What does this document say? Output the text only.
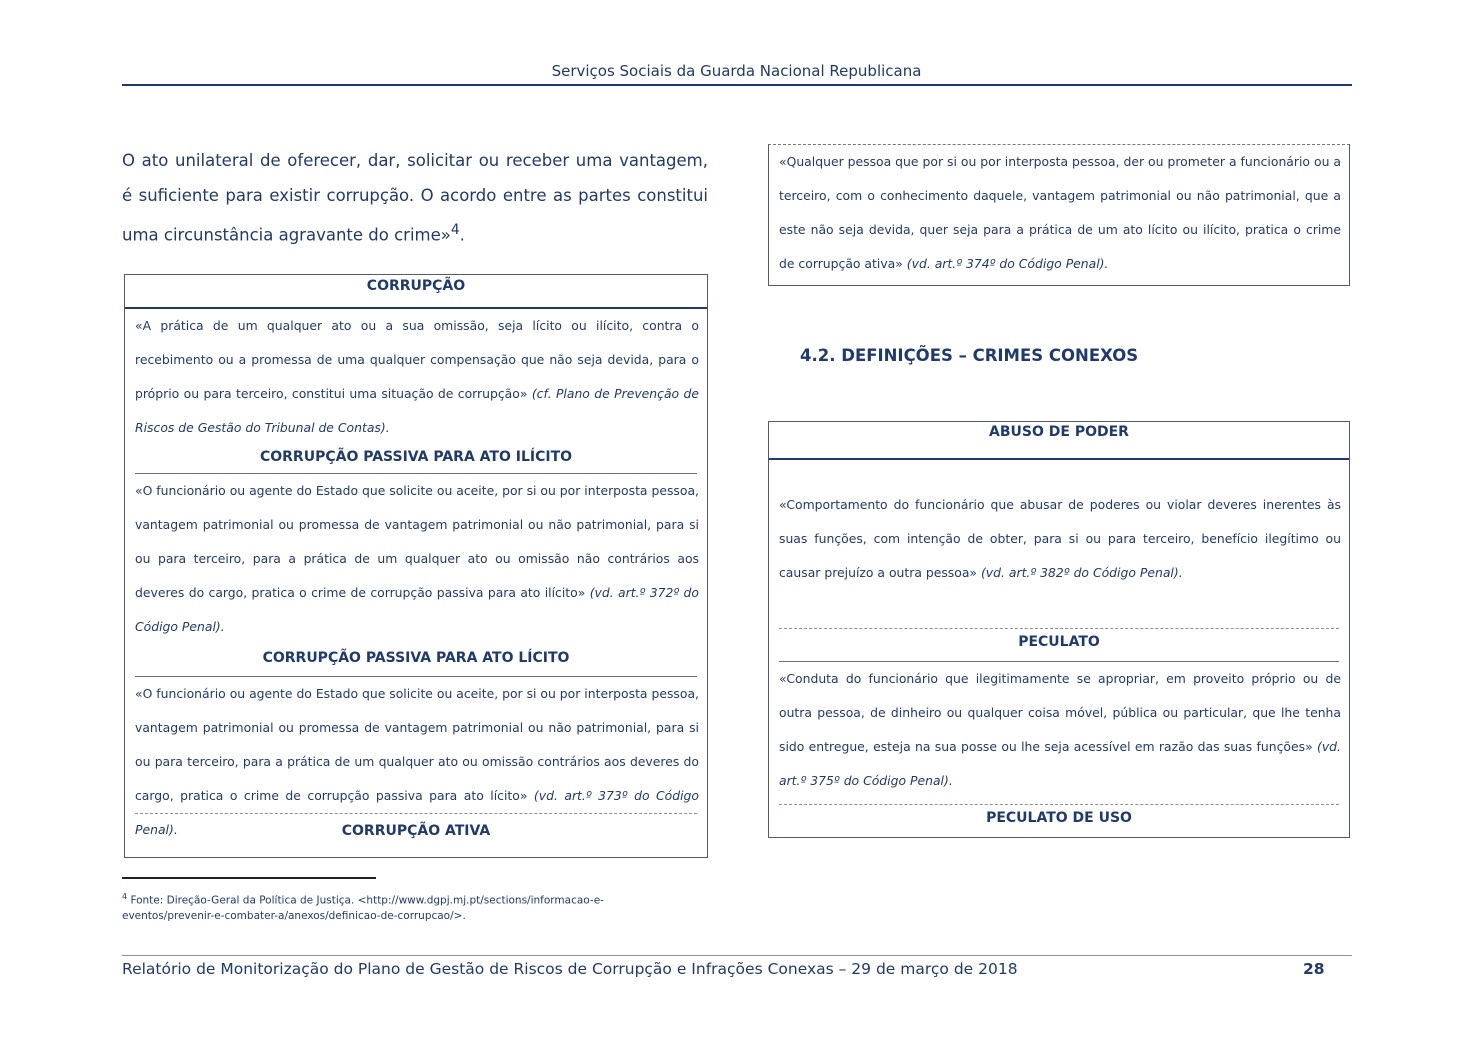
Serviços Sociais da Guarda Nacional Republicana
O ato unilateral de oferecer, dar, solicitar ou receber uma vantagem, é suficiente para existir corrupção. O acordo entre as partes constitui uma circunstância agravante do crime»$^4$.
CORRUPÇÃO
«A prática de um qualquer ato ou a sua omissão, seja lícito ou ilícito, contra o recebimento ou a promessa de uma qualquer compensação que não seja devida, para o próprio ou para terceiro, constitui uma situação de corrupção» (cf. Plano de Prevenção de Riscos de Gestão do Tribunal de Contas).
CORRUPÇÃO PASSIVA PARA ATO ILÍCITO
«O funcionário ou agente do Estado que solicite ou aceite, por si ou por interposta pessoa, vantagem patrimonial ou promessa de vantagem patrimonial ou não patrimonial, para si ou para terceiro, para a prática de um qualquer ato ou omissão não contrários aos deveres do cargo, pratica o crime de corrupção passiva para ato ilícito» (vd. art.º 372º do Código Penal).
CORRUPÇÃO PASSIVA PARA ATO LÍCITO
«O funcionário ou agente do Estado que solicite ou aceite, por si ou por interposta pessoa, vantagem patrimonial ou promessa de vantagem patrimonial ou não patrimonial, para si ou para terceiro, para a prática de um qualquer ato ou omissão contrários aos deveres do cargo, pratica o crime de corrupção passiva para ato lícito» (vd. art.º 373º do Código Penal).	CORRUPÇÃO ATIVA
«Qualquer pessoa que por si ou por interposta pessoa, der ou prometer a funcionário ou a terceiro, com o conhecimento daquele, vantagem patrimonial ou não patrimonial, que a este não seja devida, quer seja para a prática de um ato lícito ou ilícito, pratica o crime de corrupção ativa» (vd. art.º 374º do Código Penal).
4.2. DEFINIÇÕES – CRIMES CONEXOS
ABUSO DE PODER
«Comportamento do funcionário que abusar de poderes ou violar deveres inerentes às suas funções, com intenção de obter, para si ou para terceiro, benefício ilegítimo ou causar prejuízo a outra pessoa» (vd. art.º 382º do Código Penal).
PECULATO
«Conduta do funcionário que ilegitimamente se apropriar, em proveito próprio ou de outra pessoa, de dinheiro ou qualquer coisa móvel, pública ou particular, que lhe tenha sido entregue, esteja na sua posse ou lhe seja acessível em razão das suas funções» (vd. art.º 375º do Código Penal).
PECULATO DE USO
$^4$ Fonte: Direção-Geral da Política de Justiça. <http://www.dgpj.mj.pt/sections/informacao-e-eventos/prevenir-e-combater-a/anexos/definicao-de-corrupcao/>.
Relatório de Monitorização do Plano de Gestão de Riscos de Corrupção e Infrações Conexas – 29 de março de 2018	28
